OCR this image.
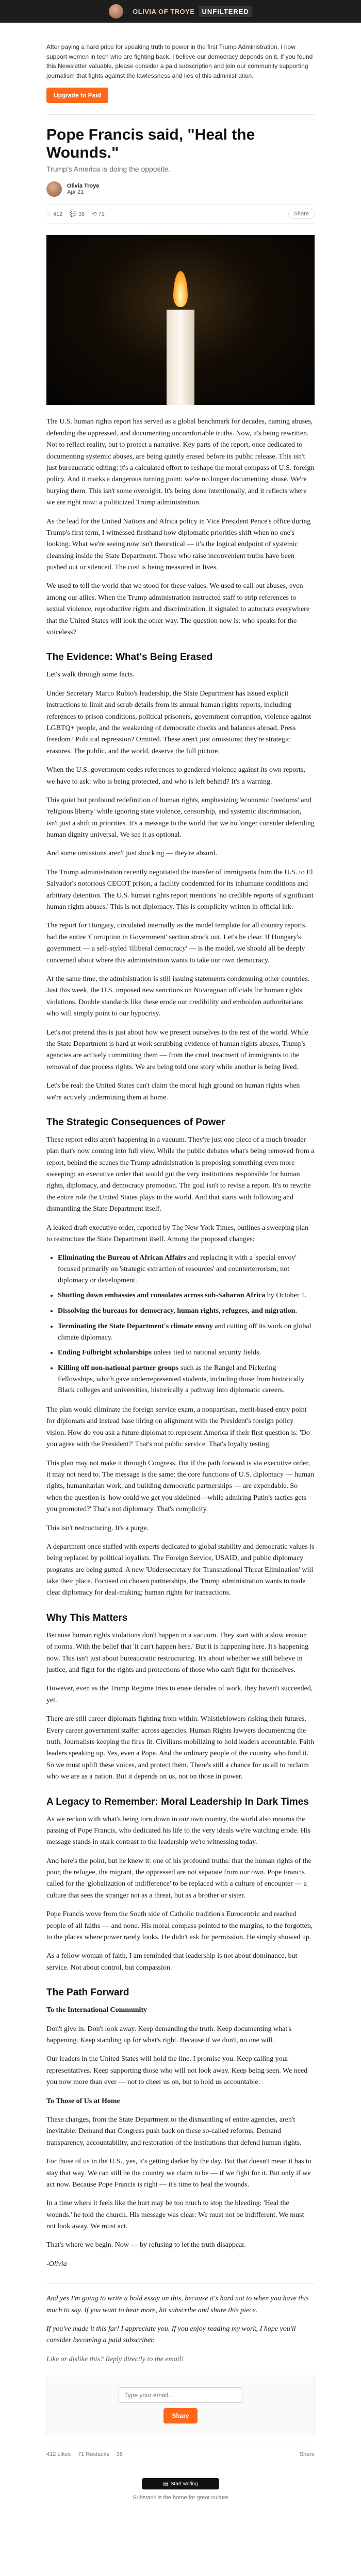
OLIVIA OF TROYE	UNFILTERED

After paying a hard price for speaking truth to power in the first Trump Administration, I now support women in tech who are fighting back. I believe our democracy depends on it. If you found this Newsletter valuable, please consider a paid subscription and join our community supporting journalism that fights against the lawlessness and lies of this administration.

Upgrade to Paid
Pope Francis said, "Heal the Wounds."
Trump's America is doing the opposite.
Olivia Troye
Apr 21
♡ 412 💬 38 ⟲ 71	Share

The U.S. human rights report has served as a global benchmark for decades, naming abuses, defending the oppressed, and documenting uncomfortable truths. Now, it's being rewritten. Not to reflect reality, but to protect a narrative. Key parts of the report, once dedicated to documenting systemic abuses, are being quietly erased before its public release. This isn't just bureaucratic editing; it's a calculated effort to reshape the moral compass of U.S. foreign policy. And it marks a dangerous turning point: we're no longer documenting abuse. We're burying them. This isn't some oversight. It's being done intentionally, and it reflects where we are right now: a politicized Trump administration.

As the lead for the United Nations and Africa policy in Vice President Pence's office during Trump's first term, I witnessed firsthand how diplomatic priorities shift when no one's looking. What we're seeing now isn't theoretical — it's the logical endpoint of systemic cleansing inside the State Department. Those who raise inconvenient truths have been pushed out or silenced. The cost is being measured in lives.

We used to tell the world that we stood for these values. We used to call out abuses, even among our allies. When the Trump administration instructed staff to strip references to sexual violence, reproductive rights and discrimination, it signaled to autocrats everywhere that the United States will look the other way. The question now is: who speaks for the voiceless?

The Evidence: What's Being Erased

Let's walk through some facts.

Under Secretary Marco Rubio's leadership, the State Department has issued explicit instructions to limit and scrub details from its annual human rights reports, including references to prison conditions, political prisoners, government corruption, violence against LGBTQ+ people, and the weakening of democratic checks and balances abroad. Press freedom? Political repression? Omitted. These aren't just omissions; they're strategic erasures. The public, and the world, deserve the full picture.

When the U.S. government cedes references to gendered violence against its own reports, we have to ask: who is being protected, and who is left behind? It's a warning.

This quiet but profound redefinition of human rights, emphasizing 'economic freedoms' and 'religious liberty' while ignoring state violence, censorship, and systemic discrimination, isn't just a shift in priorities. It's a message to the world that we no longer consider defending human dignity universal. We see it as optional.

And some omissions aren't just shocking — they're absurd.

The Trump administration recently negotiated the transfer of immigrants from the U.S. to El Salvador's notorious CECOT prison, a facility condemned for its inhumane conditions and arbitrary detention. The U.S. human rights report mentions 'no credible reports of significant human rights abuses.' This is not diplomacy. This is complicity written in official ink.

The report for Hungary, circulated internally as the model template for all country reports, had the entire 'Corruption in Government' section struck out. Let's be clear. If Hungary's government — a self-styled 'illiberal democracy' — is the model, we should all be deeply concerned about where this administration wants to take our own democracy.

At the same time, the administration is still issuing statements condemning other countries. Just this week, the U.S. imposed new sanctions on Nicaraguan officials for human rights violations. Double standards like these erode our credibility and embolden authoritarians who will simply point to our hypocrisy.

Let's not pretend this is just about how we present ourselves to the rest of the world. While the State Department is hard at work scrubbing evidence of human rights abuses, Trump's agencies are actively committing them — from the cruel treatment of immigrants to the removal of due process rights. We are being told one story while another is being lived.

Let's be real: the United States can't claim the moral high ground on human rights when we're actively undermining them at home.

The Strategic Consequences of Power

These report edits aren't happening in a vacuum. They're just one piece of a much broader plan that's now coming into full view. While the public debates what's being removed from a report, behind the scenes the Trump administration is proposing something even more sweeping: an executive order that would gut the very institutions responsible for human rights, diplomacy, and democracy promotion. The goal isn't to revise a report. It's to rewrite the entire role the United States plays in the world. And that starts with following and dismantling the State Department itself.

A leaked draft executive order, reported by The New York Times, outlines a sweeping plan to restructure the State Department itself. Among the proposed changes:

• Eliminating the Bureau of African Affairs and replacing it with a 'special envoy' focused primarily on 'strategic extraction of resources' and counterterrorism, not diplomacy or development.
• Shutting down embassies and consulates across sub-Saharan Africa by October 1.
• Dissolving the bureaus for democracy, human rights, refugees, and migration.
• Terminating the State Department's climate envoy and cutting off its work on global climate diplomacy.
• Ending Fulbright scholarships unless tied to national security fields.
• Killing off non-national partner groups such as the Rangel and Pickering Fellowships, which gave underrepresented students, including those from historically Black colleges and universities, historically a pathway into diplomatic careers.

The plan would eliminate the foreign service exam, a nonpartisan, merit-based entry point for diplomats and instead base hiring on alignment with the President's foreign policy vision. How do you ask a future diplomat to represent America if their first question is: 'Do you agree with the President?' That's not public service. That's loyalty testing.

This plan may not make it through Congress. But if the path forward is via executive order, it may not need to. The message is the same: the core functions of U.S. diplomacy — human rights, humanitarian work, and building democratic partnerships — are expendable. So when the question is 'how could we get you sidelined—while admiring Putin's tactics gets you promoted?' That's not diplomacy. That's complicity.

This isn't restructuring. It's a purge.

A department once staffed with experts dedicated to global stability and democratic values is being replaced by political loyalists. The Foreign Service, USAID, and public diplomacy programs are being gutted. A new 'Undersecretary for Transnational Threat Elimination' will take their place. Focused on chosen partnerships, the Trump administration wants to trade clear diplomacy for deal-making; human rights for transactions.

Why This Matters

Because human rights violations don't happen in a vacuum. They start with a slow erosion of norms. With the belief that 'it can't happen here.' But it is happening here. It's happening now. This isn't just about bureaucratic restructuring. It's about whether we still believe in justice, and fight for the rights and protections of those who can't fight for themselves.

However, even as the Trump Regime tries to erase decades of work, they haven't succeeded, yet.

There are still career diplomats fighting from within. Whistleblowers risking their futures. Every career government staffer across agencies. Human Rights lawyers documenting the truth. Journalists keeping the fires lit. Civilians mobilizing to hold leaders accountable. Faith leaders speaking up. Yes, even a Pope. And the ordinary people of the country who fund it. So we must uplift these voices, and protect them. There's still a chance for us all to reclaim who we are as a nation. But it depends on us, not on those in power.

A Legacy to Remember: Moral Leadership In Dark Times

As we reckon with what's being torn down in our own country, the world also mourns the passing of Pope Francis, who dedicated his life to the very ideals we're watching erode. His message stands in stark contrast to the leadership we're witnessing today.

And here's the point, but he knew it: one of his profound truths: that the human rights of the poor, the refugee, the migrant, the oppressed are not separate from our own. Pope Francis called for the 'globalization of indifference' to be replaced with a culture of encounter — a culture that sees the stranger not as a threat, but as a brother or sister.

Pope Francis wove from the South side of Catholic tradition's Eurocentric and reached people of all faiths — and none. His moral compass pointed to the margins, to the forgotten, to the places where power rarely looks. He didn't ask for permission. He simply showed up.

As a fellow woman of faith, I am reminded that leadership is not about dominance, but service. Not about control, but compassion.

The Path Forward

To the International Community

Don't give in. Don't look away. Keep demanding the truth. Keep documenting what's happening. Keep standing up for what's right. Because if we don't, no one will.

Our leaders in the United States will hold the line. I promise you. Keep calling your representatives. Keep supporting those who will not look away. Keep being seen. We need you now more than ever — not to cheer us on, but to hold us accountable.

To Those of Us at Home

These changes, from the State Department to the dismantling of entire agencies, aren't inevitable. Demand that Congress push back on these so-called reforms. Demand transparency, accountability, and restoration of the institutions that defend human rights.

For those of us in the U.S., yes, it's getting darker by the day. But that doesn't mean it has to stay that way. We can still be the country we claim to be — if we fight for it. But only if we act now. Because Pope Francis is right — it's time to heal the wounds.

In a time where it feels like the hurt may be too much to stop the bleeding: 'Heal the wounds.' he told the church. His message was clear: We must not be indifferent. We must not look away. We must act.

That's where we begin. Now — by refusing to let the truth disappear.

-Olivia

And yes I'm going to write a bold essay on this, because it's hard not to when you have this much to say. If you want to hear more, hit subscribe and share this piece.

If you've made it this far! I appreciate you. If you enjoy reading my work, I hope you'll consider becoming a paid subscriber.

Like or dislike this? Reply directly to the email!

Type your email...
Share
412 Likes 71 Restacks 38	Share
▤ Start writing
Substack is the home for great culture
